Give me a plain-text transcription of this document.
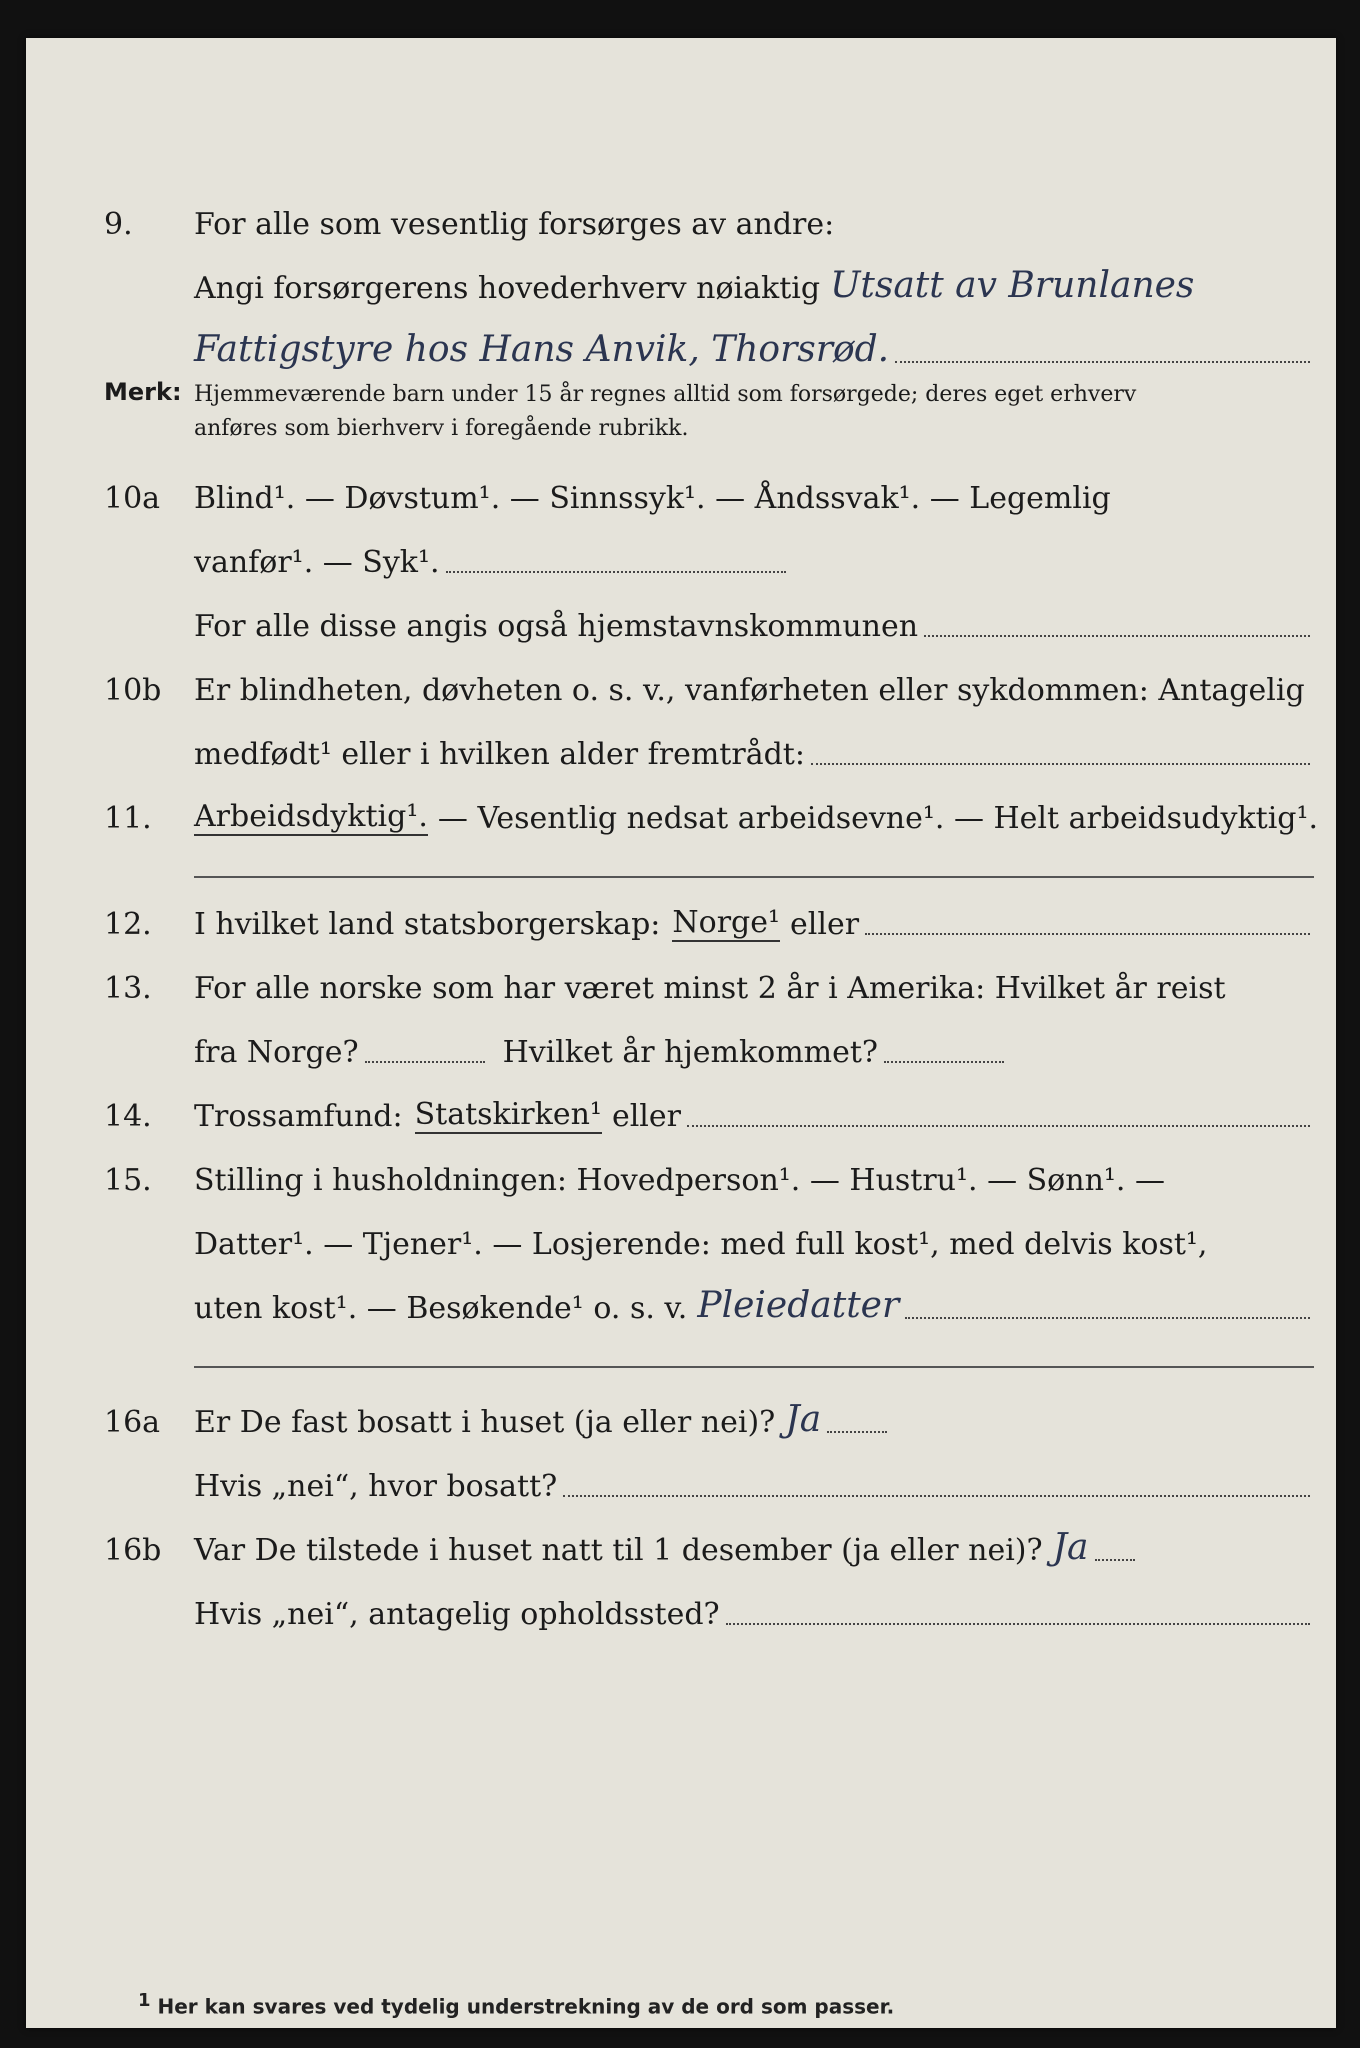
9.	For alle som vesentlig forsørges av andre:
Angi forsørgerens hovederhverv nøiaktig Utsatt av Brunlanes
Fattigstyre hos Hans Anvik, Thorsrød.
Merk: Hjemmeværende barn under 15 år regnes alltid som forsørgede; deres eget erhverv
anføres som bierhverv i foregående rubrikk.
10a	Blind¹. — Døvstum¹. — Sinnssyk¹. — Åndssvak¹. — Legemlig
vanfør¹. — Syk¹.
For alle disse angis også hjemstavnskommunen
10b	Er blindheten, døvheten o. s. v., vanførheten eller sykdommen: Antagelig
medfødt¹ eller i hvilken alder fremtrådt:
11.	Arbeidsdyktig¹. — Vesentlig nedsat arbeidsevne¹. — Helt arbeidsudyktig¹.
12.	I hvilket land statsborgerskap: Norge¹ eller
13.	For alle norske som har været minst 2 år i Amerika: Hvilket år reist
fra Norge?	Hvilket år hjemkommet?
14.	Trossamfund: Statskirken¹ eller
15.	Stilling i husholdningen: Hovedperson¹. — Hustru¹. — Sønn¹. —
Datter¹. — Tjener¹. — Losjerende: med full kost¹, med delvis kost¹,
uten kost¹. — Besøkende¹ o. s. v. Pleiedatter
16a	Er De fast bosatt i huset (ja eller nei)? Ja
Hvis „nei“, hvor bosatt?
16b	Var De tilstede i huset natt til 1 desember (ja eller nei)? Ja
Hvis „nei“, antagelig opholdssted?
1 Her kan svares ved tydelig understrekning av de ord som passer.
